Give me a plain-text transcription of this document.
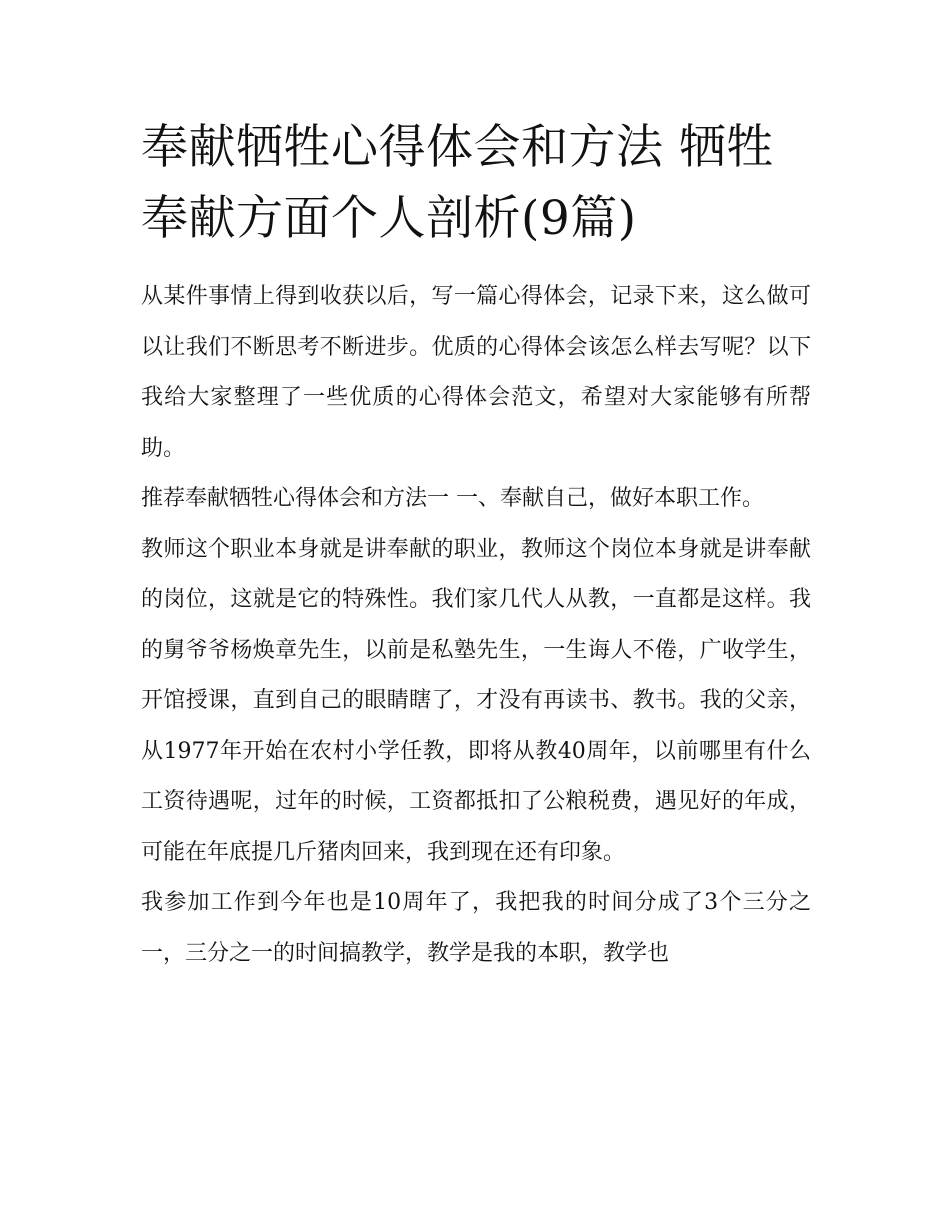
奉献牺牲心得体会和方法 牺牲奉献方面个人剖析(9篇)

从某件事情上得到收获以后，写一篇心得体会，记录下来，这么做可以让我们不断思考不断进步。优质的心得体会该怎么样去写呢？以下我给大家整理了一些优质的心得体会范文，希望对大家能够有所帮助。

推荐奉献牺牲心得体会和方法一 一、奉献自己，做好本职工作。

教师这个职业本身就是讲奉献的职业，教师这个岗位本身就是讲奉献的岗位，这就是它的特殊性。我们家几代人从教，一直都是这样。我的舅爷爷杨焕章先生，以前是私塾先生，一生诲人不倦，广收学生，开馆授课，直到自己的眼睛瞎了，才没有再读书、教书。我的父亲，从1977年开始在农村小学任教，即将从教40周年，以前哪里有什么工资待遇呢，过年的时候，工资都抵扣了公粮税费，遇见好的年成，可能在年底提几斤猪肉回来，我到现在还有印象。

我参加工作到今年也是10周年了，我把我的时间分成了3个三分之一，三分之一的时间搞教学，教学是我的本职，教学也
